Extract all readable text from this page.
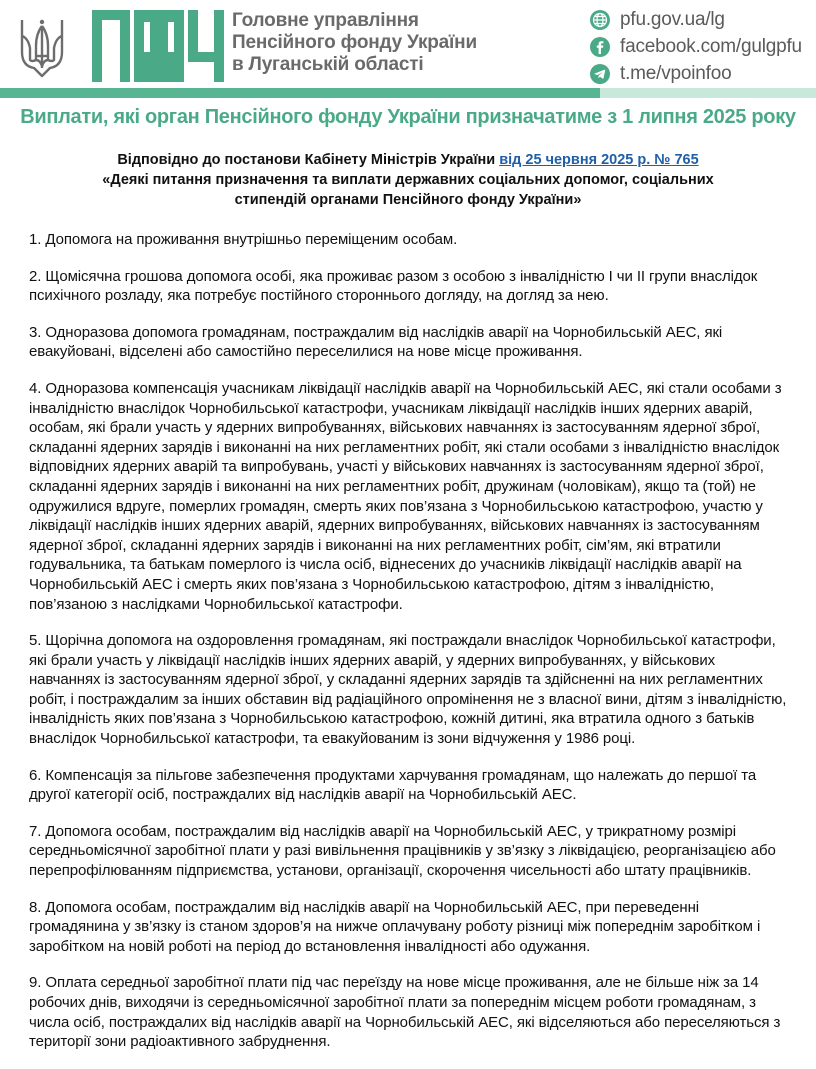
Головне управління
Пенсійного фонду України
в Луганській області
pfu.gov.ua/lg
facebook.com/gulgpfu
t.me/vpoinfoo
Виплати, які орган Пенсійного фонду України призначатиме з 1 липня 2025 року
Відповідно до постанови Кабінету Міністрів України від 25 червня 2025 р. № 765
«Деякі питання призначення та виплати державних соціальних допомог, соціальних
стипендій органами Пенсійного фонду України»

1. Допомога на проживання внутрішньо переміщеним особам.

2. Щомісячна грошова допомога особі, яка проживає разом з особою з інвалідністю I чи II групи внаслідок психічного розладу, яка потребує постійного стороннього догляду, на догляд за нею.

3. Одноразова допомога громадянам, постраждалим від наслідків аварії на Чорнобильській АЕС, які евакуйовані, відселені або самостійно переселилися на нове місце проживання.

4. Одноразова компенсація учасникам ліквідації наслідків аварії на Чорнобильській АЕС, які стали особами з інвалідністю внаслідок Чорнобильської катастрофи, учасникам ліквідації наслідків інших ядерних аварій, особам, які брали участь у ядерних випробуваннях, військових навчаннях із застосуванням ядерної зброї, складанні ядерних зарядів і виконанні на них регламентних робіт, які стали особами з інвалідністю внаслідок відповідних ядерних аварій та випробувань, участі у військових навчаннях із застосуванням ядерної зброї, складанні ядерних зарядів і виконанні на них регламентних робіт, дружинам (чоловікам), якщо та (той) не одружилися вдруге, померлих громадян, смерть яких пов’язана з Чорнобильською катастрофою, участю у ліквідації наслідків інших ядерних аварій, ядерних випробуваннях, військових навчаннях із застосуванням ядерної зброї, складанні ядерних зарядів і виконанні на них регламентних робіт, сім’ям, які втратили годувальника, та батькам померлого із числа осіб, віднесених до учасників ліквідації наслідків аварії на Чорнобильській АЕС і смерть яких пов’язана з Чорнобильською катастрофою, дітям з інвалідністю, пов’язаною з наслідками Чорнобильської катастрофи.

5. Щорічна допомога на оздоровлення громадянам, які постраждали внаслідок Чорнобильської катастрофи, які брали участь у ліквідації наслідків інших ядерних аварій, у ядерних випробуваннях, у військових навчаннях із застосуванням ядерної зброї, у складанні ядерних зарядів та здійсненні на них регламентних робіт, і постраждалим за інших обставин від радіаційного опромінення не з власної вини, дітям з інвалідністю, інвалідність яких пов’язана з Чорнобильською катастрофою, кожній дитині, яка втратила одного з батьків внаслідок Чорнобильської катастрофи, та евакуйованим із зони відчуження у 1986 році.

6. Компенсація за пільгове забезпечення продуктами харчування громадянам, що належать до першої та другої категорії осіб, постраждалих від наслідків аварії на Чорнобильській АЕС.

7. Допомога особам, постраждалим від наслідків аварії на Чорнобильській АЕС, у трикратному розмірі середньомісячної заробітної плати у разі вивільнення працівників у зв’язку з ліквідацією, реорганізацією або перепрофілюванням підприємства, установи, організації, скорочення чисельності або штату працівників.

8. Допомога особам, постраждалим від наслідків аварії на Чорнобильській АЕС, при переведенні громадянина у зв’язку із станом здоров’я на нижче оплачувану роботу різниці між попереднім заробітком і заробітком на новій роботі на період до встановлення інвалідності або одужання.

9. Оплата середньої заробітної плати під час переїзду на нове місце проживання, але не більше ніж за 14 робочих днів, виходячи із середньомісячної заробітної плати за попереднім місцем роботи громадянам, з числа осіб, постраждалих від наслідків аварії на Чорнобильській АЕС, які відселяються або переселяються з території зони радіоактивного забруднення.
